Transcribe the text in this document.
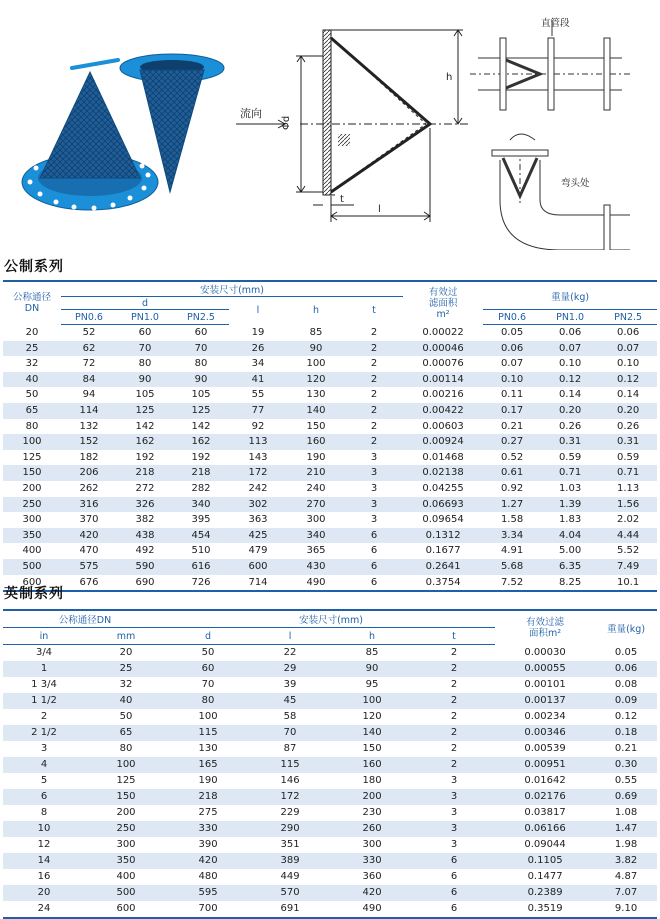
流向
Φd
h
l
t
直管段
弯头处
公制系列
公称通径
DN	安装尺寸(mm)						有效过
滤面积
m²	重量(kg)		
	d			l	h	t				
	PN0.6	PN1.0	PN2.5					PN0.6	PN1.0	PN2.5
20	52	60	60	19	85	2	0.00022	0.05	0.06	0.06
25	62	70	70	26	90	2	0.00046	0.06	0.07	0.07
32	72	80	80	34	100	2	0.00076	0.07	0.10	0.10
40	84	90	90	41	120	2	0.00114	0.10	0.12	0.12
50	94	105	105	55	130	2	0.00216	0.11	0.14	0.14
65	114	125	125	77	140	2	0.00422	0.17	0.20	0.20
80	132	142	142	92	150	2	0.00603	0.21	0.26	0.26
100	152	162	162	113	160	2	0.00924	0.27	0.31	0.31
125	182	192	192	143	190	3	0.01468	0.52	0.59	0.59
150	206	218	218	172	210	3	0.02138	0.61	0.71	0.71
200	262	272	282	242	240	3	0.04255	0.92	1.03	1.13
250	316	326	340	302	270	3	0.06693	1.27	1.39	1.56
300	370	382	395	363	300	3	0.09654	1.58	1.83	2.02
350	420	438	454	425	340	6	0.1312	3.34	4.04	4.44
400	470	492	510	479	365	6	0.1677	4.91	5.00	5.52
500	575	590	616	600	430	6	0.2641	5.68	6.35	7.49
600	676	690	726	714	490	6	0.3754	7.52	8.25	10.1
英制系列
公称通径DN		安装尺寸(mm)				有效过滤
面积m²	重量(kg)
in	mm	d	l	h	t		
3/4	20	50	22	85	2	0.00030	0.05
1	25	60	29	90	2	0.00055	0.06
1 3/4	32	70	39	95	2	0.00101	0.08
1 1/2	40	80	45	100	2	0.00137	0.09
2	50	100	58	120	2	0.00234	0.12
2 1/2	65	115	70	140	2	0.00346	0.18
3	80	130	87	150	2	0.00539	0.21
4	100	165	115	160	2	0.00951	0.30
5	125	190	146	180	3	0.01642	0.55
6	150	218	172	200	3	0.02176	0.69
8	200	275	229	230	3	0.03817	1.08
10	250	330	290	260	3	0.06166	1.47
12	300	390	351	300	3	0.09044	1.98
14	350	420	389	330	6	0.1105	3.82
16	400	480	449	360	6	0.1477	4.87
20	500	595	570	420	6	0.2389	7.07
24	600	700	691	490	6	0.3519	9.10
